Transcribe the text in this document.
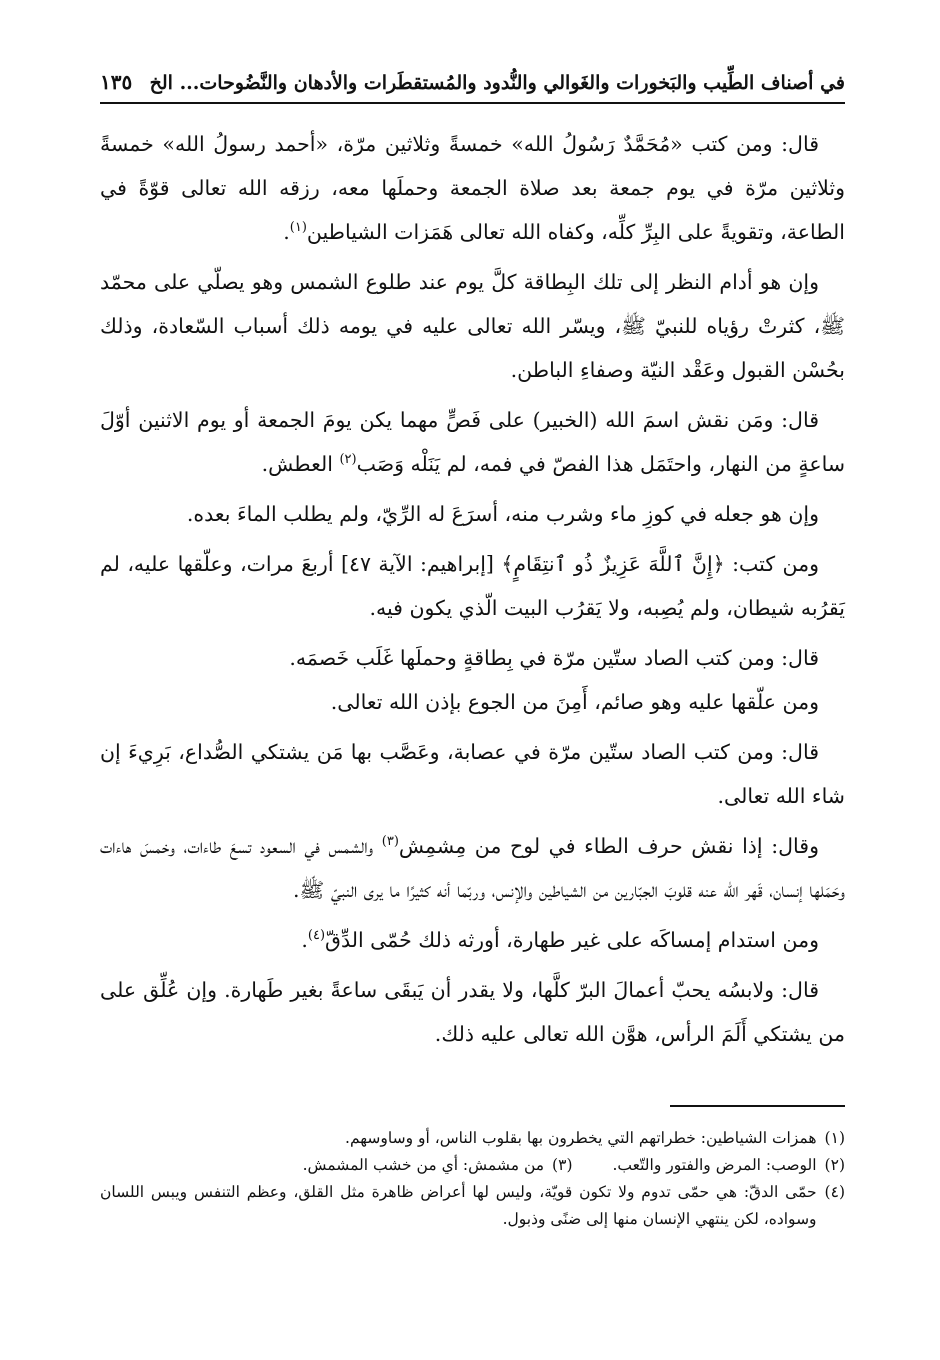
في أصناف الطِّيب والبَخورات والغَوالي والنُّدود والمُستقطَرات والأدهان والنَّضُوحات... الخ
١٣٥

قال: ومن كتب «مُحَمَّدٌ رَسُولُ الله» خمسةً وثلاثين مرّة، «أحمد رسولُ الله» خمسةً وثلاثين مرّة في يوم جمعة بعد صلاة الجمعة وحملَها معه، رزقه الله تعالى قوّةً في الطاعة، وتقويةً على البِرِّ كلِّه، وكفاه الله تعالى هَمَزات الشياطين$^{(١)}$.

وإن هو أدام النظر إلى تلك البِطاقة كلَّ يوم عند طلوع الشمس وهو يصلّي على محمّد ﷺ، كثرتْ رؤياه للنبيّ ﷺ، ويسّر الله تعالى عليه في يومه ذلك أسباب السّعادة، وذلك بحُسْن القبول وعَقْد النيّة وصفاءِ الباطن.

قال: ومَن نقش اسمَ الله (الخبير) على فَصٍّ مهما يكن يومَ الجمعة أو يوم الاثنين أوّلَ ساعةٍ من النهار، واحتَمَل هذا الفصّ في فمه، لم يَنَلْه وَصَب$^{(٢)}$ العطش.

وإن هو جعله في كوزِ ماء وشرب منه، أسرَعَ له الرِّيّ، ولم يطلب الماءَ بعده.

ومن كتب: ﴿إِنَّ ٱللَّهَ عَزِيزٌ ذُو ٱنتِقَامٍ﴾ [إبراهيم: الآية ٤٧] أربعَ مرات، وعلّقها عليه، لم يَقرُبه شيطان، ولم يُصِبه، ولا يَقرُب البيت الّذي يكون فيه.

قال: ومن كتب الصاد ستّين مرّة في بِطاقةٍ وحملَها غَلَب خَصمَه.

ومن علّقها عليه وهو صائم، أَمِنَ من الجوع بإذن الله تعالى.

قال: ومن كتب الصاد ستّين مرّة في عصابة، وعَصَّب بها مَن يشتكي الصُّداع، بَرِيءَ إن شاء الله تعالى.

وقال: إذا نقش حرف الطاء في لوح من مِشمِش$^{(٣)}$ والشمس في السعود تسعَ طاءات، وخمسَ هاءات وحَمَلها إنسان، قَهر الله عنه قلوبَ الجبّارين من الشياطين والإنس، وربّما أنه كثيرًا ما يرى النبيّ ﷺ.

ومن استدام إمساكَه على غير طهارة، أورثه ذلك حُمّى الدِّقّ$^{(٤)}$.

قال: ولابسُه يحبّ أعمالَ البرّ كلَّها، ولا يقدر أن يَبقَى ساعةً بغير طَهارة. وإن عُلِّق على من يشتكي أَلَمَ الرأس، هوَّن الله تعالى عليه ذلك.

(١)
همزات الشياطين: خطراتهم التي يخطرون بها بقلوب الناس، أو وساوسهم.
(٢)
الوصب: المرض والفتور والتّعب.
(٣)
من مشمش: أي من خشب المشمش.
(٤)
حمّى الدقّ: هي حمّى تدوم ولا تكون قويّة، وليس لها أعراض ظاهرة مثل القلق، وعظم التنفس ويبس اللسان وسواده، لكن ينتهي الإنسان منها إلى ضنًى وذبول.
